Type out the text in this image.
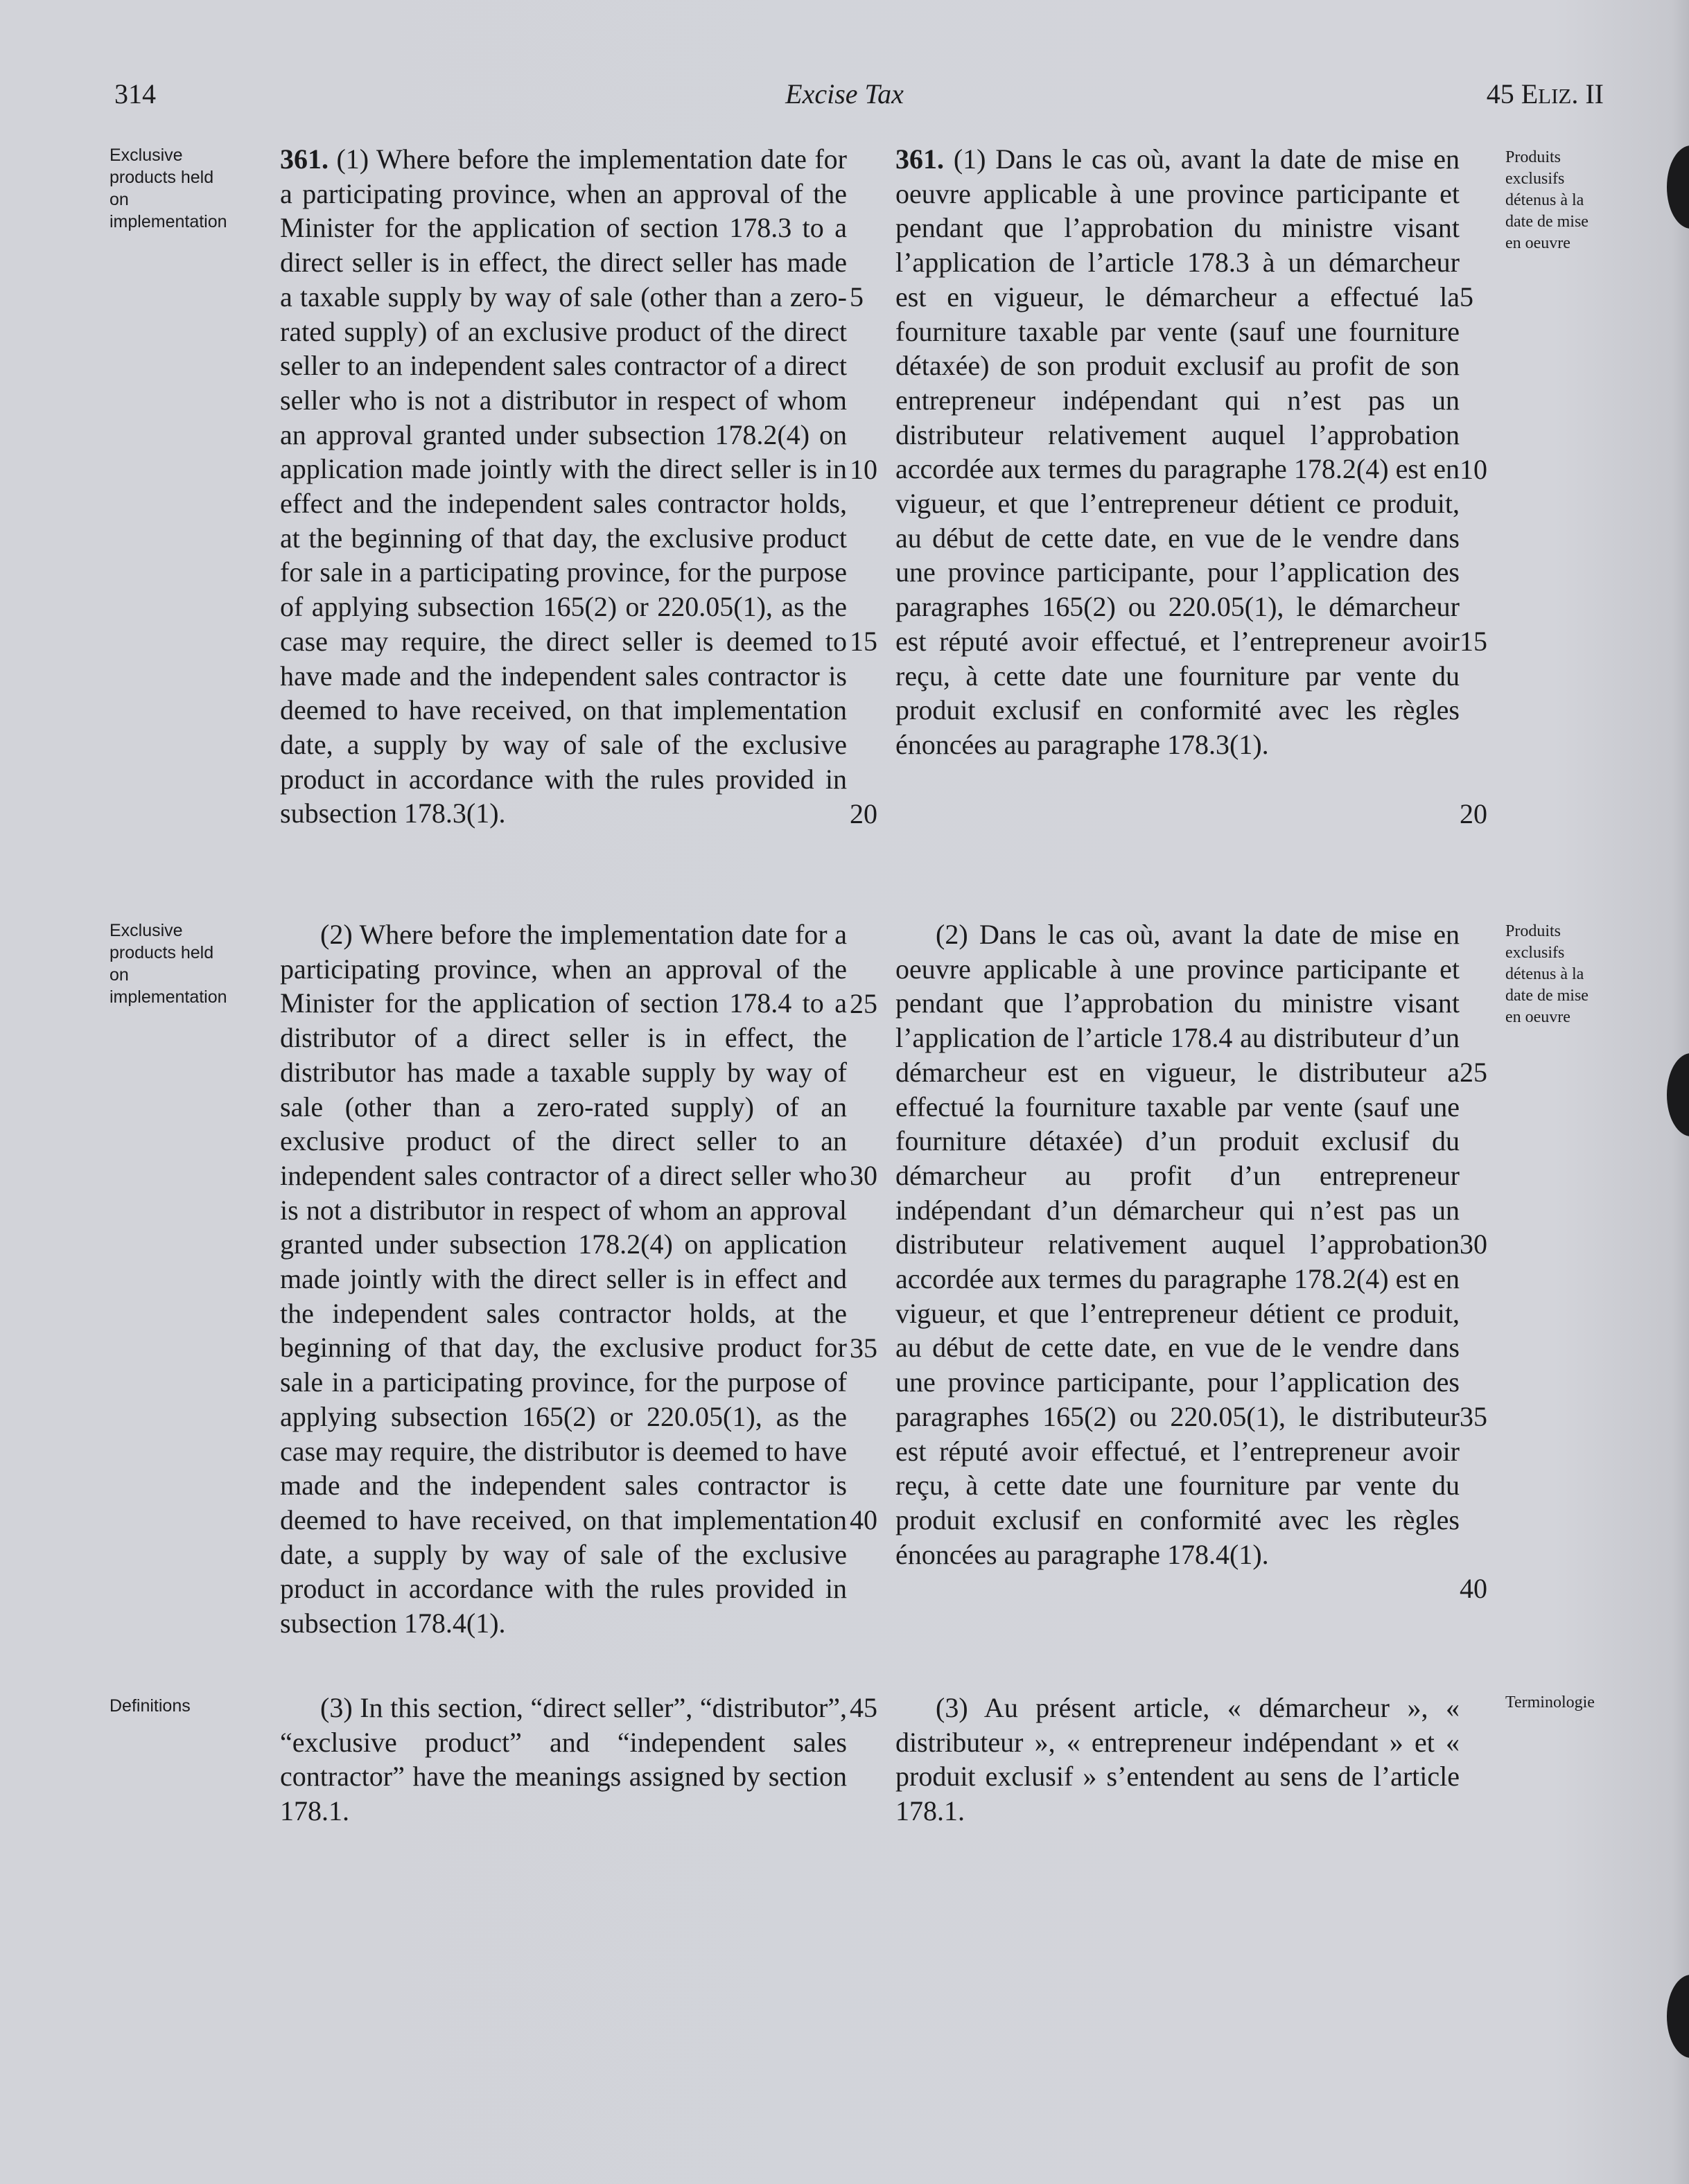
314	Excise Tax	45 ELIZ. II
Exclusive
products held
on
implementation
361. (1) Where before the implementation date for a participating province, when an approval of the Minister for the application of section 178.3 to a direct seller is in effect, the direct seller has made a taxable supply by way of sale (other than a zero-rated supply) of an exclusive product of the direct seller to an independent sales contractor of a direct seller who is not a distributor in respect of whom an approval granted under subsection 178.2(4) on application made jointly with the direct seller is in effect and the independent sales contractor holds, at the beginning of that day, the exclusive product for sale in a participating province, for the purpose of applying subsection 165(2) or 220.05(1), as the case may require, the direct seller is deemed to have made and the independent sales contractor is deemed to have received, on that implementation date, a supply by way of sale of the exclusive product in accordance with the rules provided in subsection 178.3(1).
5
10
15
20
361. (1) Dans le cas où, avant la date de mise en oeuvre applicable à une province participante et pendant que l’approbation du ministre visant l’application de l’article 178.3 à un démarcheur est en vigueur, le démarcheur a effectué la fourniture taxable par vente (sauf une fourniture détaxée) de son produit exclusif au profit de son entrepreneur indépendant qui n’est pas un distributeur relativement auquel l’approbation accordée aux termes du paragraphe 178.2(4) est en vigueur, et que l’entrepreneur détient ce produit, au début de cette date, en vue de le vendre dans une province participante, pour l’application des paragraphes 165(2) ou 220.05(1), le démarcheur est réputé avoir effectué, et l’entrepreneur avoir reçu, à cette date une fourniture par vente du produit exclusif en conformité avec les règles énoncées au paragraphe 178.3(1).
5
10
15
20
Produits
exclusifs
détenus à la
date de mise
en oeuvre
Exclusive
products held
on
implementation
(2) Where before the implementation date for a participating province, when an approval of the Minister for the application of section 178.4 to a distributor of a direct seller is in effect, the distributor has made a taxable supply by way of sale (other than a zero-rated supply) of an exclusive product of the direct seller to an independent sales contractor of a direct seller who is not a distributor in respect of whom an approval granted under subsection 178.2(4) on application made jointly with the direct seller is in effect and the independent sales contractor holds, at the beginning of that day, the exclusive product for sale in a participating province, for the purpose of applying subsection 165(2) or 220.05(1), as the case may require, the distributor is deemed to have made and the independent sales contractor is deemed to have received, on that implementation date, a supply by way of sale of the exclusive product in accordance with the rules provided in subsection 178.4(1).
25
30
35
40
(2) Dans le cas où, avant la date de mise en oeuvre applicable à une province participante et pendant que l’approbation du ministre visant l’application de l’article 178.4 au distributeur d’un démarcheur est en vigueur, le distributeur a effectué la fourniture taxable par vente (sauf une fourniture détaxée) d’un produit exclusif du démarcheur au profit d’un entrepreneur indépendant d’un démarcheur qui n’est pas un distributeur relativement auquel l’approbation accordée aux termes du paragraphe 178.2(4) est en vigueur, et que l’entrepreneur détient ce produit, au début de cette date, en vue de le vendre dans une province participante, pour l’application des paragraphes 165(2) ou 220.05(1), le distributeur est réputé avoir effectué, et l’entrepreneur avoir reçu, à cette date une fourniture par vente du produit exclusif en conformité avec les règles énoncées au paragraphe 178.4(1).
25
30
35
40
Produits
exclusifs
détenus à la
date de mise
en oeuvre
Definitions	(3) In this section, “direct seller”, “distributor”, “exclusive product” and “independent sales contractor” have the meanings assigned by section 178.1.
45	(3) Au présent article, « démarcheur », « distributeur », « entrepreneur indépendant » et « produit exclusif » s’entendent au sens de l’article 178.1.
Terminologie
